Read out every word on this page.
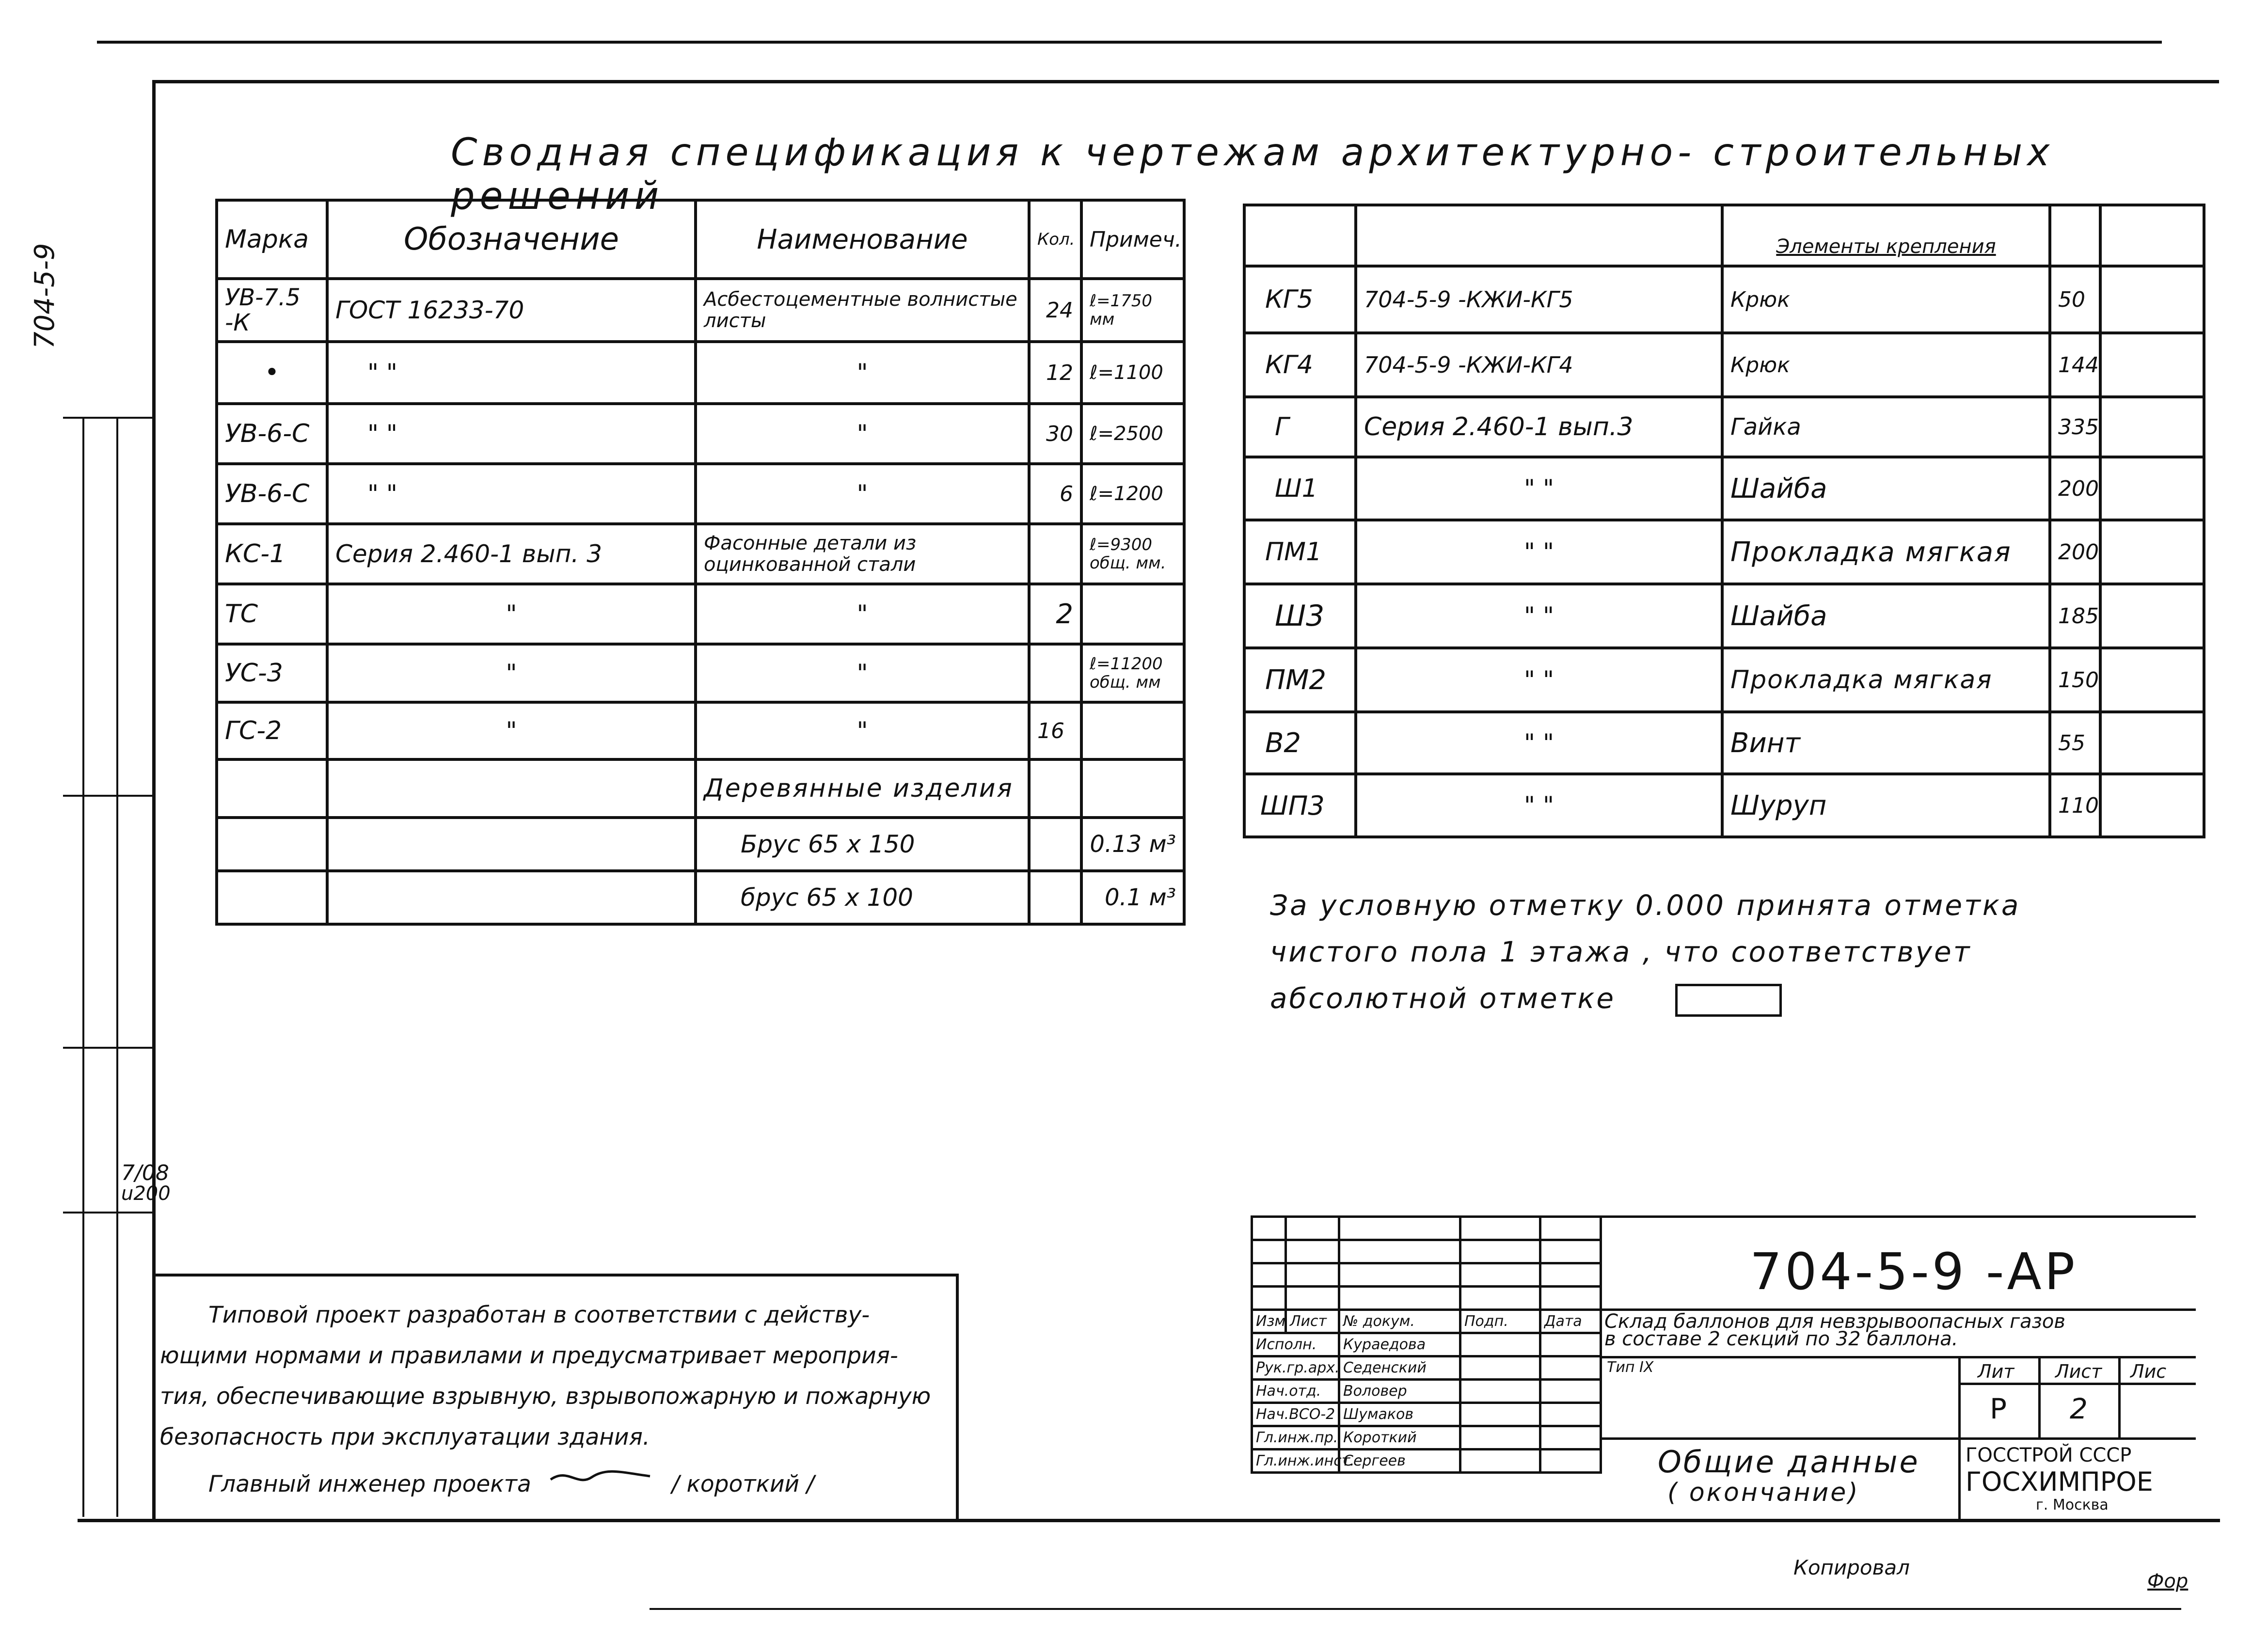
704-5-9
7/08
u200
Сводная спецификация к чертежам архитектурно- строительных решений
Марка	Обозначение	Наименование	Кол.	Примеч.
УВ-7.5 -К	ГОСТ 16233-70	Асбестоцементные волнистые листы	24	ℓ=1750 мм
•	" "	"	12	ℓ=1100
УВ-6-С	" "	"	30	ℓ=2500
УВ-6-С	" "	"	6	ℓ=1200
КС-1	Серия 2.460-1 вып. 3	Фасонные детали из оцинкованной стали		ℓ=9300 общ. мм.
ТС	"	"	2	
УС-3	"	"		ℓ=11200 общ. мм
ГС-2	"	"	16	
		Деревянные изделия		
		Брус 65 x 150		0.13 м³
		брус 65 x 100		0.1 м³
		Элементы крепления		
КГ5	704-5-9 -КЖИ-КГ5	Крюк	50	
КГ4	704-5-9 -КЖИ-КГ4	Крюк	144	
Г	Серия 2.460-1 вып.3	Гайка	335	
Ш1	" "	Шайба	200	
ПМ1	" "	Прокладка мягкая	200	
Ш3	" "	Шайба	185	
ПМ2	" "	Прокладка мягкая	150	
В2	" "	Винт	55	
ШП3	" "	Шуруп	110	
За условную отметку 0.000 принята отметка
чистого пола 1 этажа , что соответствует
абсолютной отметке
Типовой проект разработан в соответствии с действу-
ющими нормами и правилами и предусматривает мероприя-
тия, обеспечивающие взрывную, взрывопожарную и пожарную
безопасность при эксплуатации здания.
Главный инженер проекта	/ короткий /

Изм	Лист	№ докум.	Подп.	Дата
Исполн.		Кураедова		
Рук.гр.арх.		Седенский		
Нач.отд.		Воловер		
Нач.ВСО-2		Шумаков		
Гл.инж.пр.		Короткий		
Гл.инж.инст.		Сергеев		
704-5-9 -АР
Склад баллонов для невзрывоопасных газов
в составе 2 секций по 32 баллона.
Тип IX
Общие данные
( окончание)
Лит Лист Лис
Р 2
ГОССТРОЙ СССР
ГОСХИМПРОЕ
г. Москва
Копировал
Фор
